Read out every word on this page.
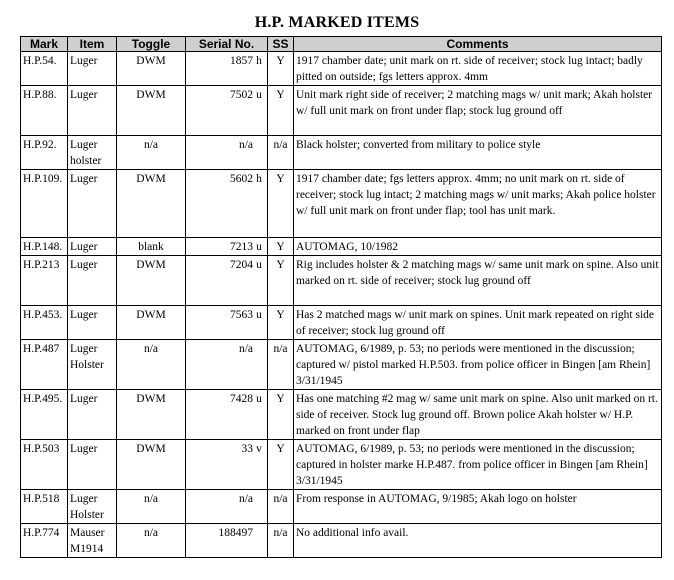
H.P. MARKED ITEMS
Mark	Item	Toggle	Serial No.	SS	Comments
H.P.54.	Luger	DWM	1857 h	Y	1917 chamber date; unit mark on rt. side of receiver; stock lug intact; badly pitted on outside; fgs letters approx. 4mm
H.P.88.	Luger	DWM	7502 u	Y	Unit mark right side of receiver; 2 matching mags w/ unit mark; Akah holster w/ full unit mark on front under flap; stock lug ground off
H.P.92.	Luger holster	n/a	n/a	n/a	Black holster; converted from military to police style
H.P.109.	Luger	DWM	5602 h	Y	1917 chamber date; fgs letters approx. 4mm; no unit mark on rt. side of receiver; stock lug intact; 2 matching mags w/ unit marks; Akah police holster w/ full unit mark on front under flap; tool has unit mark.
H.P.148.	Luger	blank	7213 u	Y	AUTOMAG, 10/1982
H.P.213	Luger	DWM	7204 u	Y	Rig includes holster & 2 matching mags w/ same unit mark on spine. Also unit marked on rt. side of receiver; stock lug ground off
H.P.453.	Luger	DWM	7563 u	Y	Has 2 matched mags w/ unit mark on spines. Unit mark repeated on right side of receiver; stock lug ground off
H.P.487	Luger Holster	n/a	n/a	n/a	AUTOMAG, 6/1989, p. 53; no periods were mentioned in the discussion; captured w/ pistol marked H.P.503. from police officer in Bingen [am Rhein] 3/31/1945
H.P.495.	Luger	DWM	7428 u	Y	Has one matching #2 mag w/ same unit mark on spine. Also unit marked on rt. side of receiver. Stock lug ground off. Brown police Akah holster w/ H.P. marked on front under flap
H.P.503	Luger	DWM	33 v	Y	AUTOMAG, 6/1989, p. 53; no periods were mentioned in the discussion; captured in holster marke H.P.487. from police officer in Bingen [am Rhein] 3/31/1945
H.P.518	Luger Holster	n/a	n/a	n/a	From response in AUTOMAG, 9/1985; Akah logo on holster
H.P.774	Mauser M1914	n/a	188497	n/a	No additional info avail.
